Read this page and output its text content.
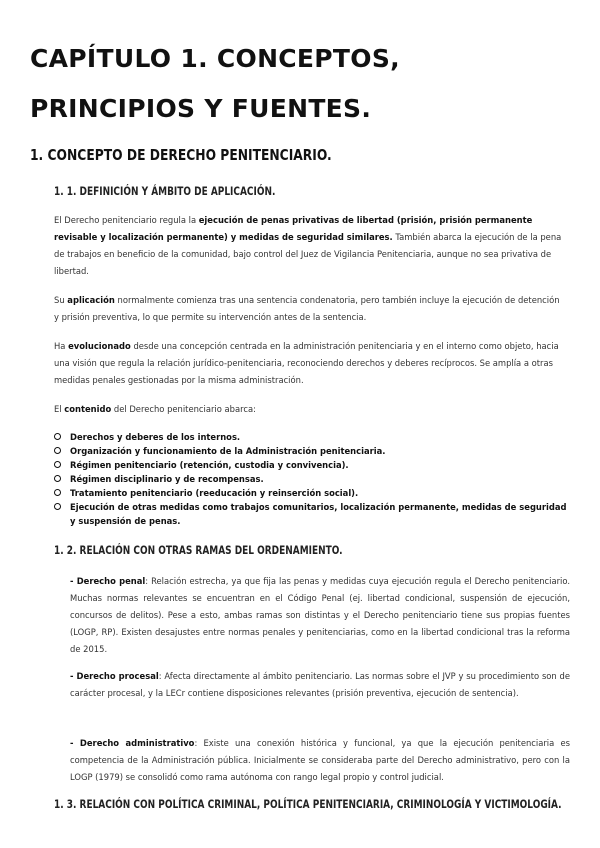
CAPÍTULO 1. CONCEPTOS, PRINCIPIOS Y FUENTES.
1. CONCEPTO DE DERECHO PENITENCIARIO.
1. 1. DEFINICIÓN Y ÁMBITO DE APLICACIÓN.

El Derecho penitenciario regula la ejecución de penas privativas de libertad (prisión, prisión permanente revisable y localización permanente) y medidas de seguridad similares. También abarca la ejecución de la pena de trabajos en beneficio de la comunidad, bajo control del Juez de Vigilancia Penitenciaria, aunque no sea privativa de libertad.

Su aplicación normalmente comienza tras una sentencia condenatoria, pero también incluye la ejecución de detención y prisión preventiva, lo que permite su intervención antes de la sentencia.

Ha evolucionado desde una concepción centrada en la administración penitenciaria y en el interno como objeto, hacia una visión que regula la relación jurídico-penitenciaria, reconociendo derechos y deberes recíprocos. Se amplía a otras medidas penales gestionadas por la misma administración.

El contenido del Derecho penitenciario abarca:

Derechos y deberes de los internos.
Organización y funcionamiento de la Administración penitenciaria.
Régimen penitenciario (retención, custodia y convivencia).
Régimen disciplinario y de recompensas.
Tratamiento penitenciario (reeducación y reinserción social).
Ejecución de otras medidas como trabajos comunitarios, localización permanente, medidas de seguridad y suspensión de penas.
1. 2. RELACIÓN CON OTRAS RAMAS DEL ORDENAMIENTO.

- Derecho penal: Relación estrecha, ya que fija las penas y medidas cuya ejecución regula el Derecho penitenciario. Muchas normas relevantes se encuentran en el Código Penal (ej. libertad condicional, suspensión de ejecución, concursos de delitos). Pese a esto, ambas ramas son distintas y el Derecho penitenciario tiene sus propias fuentes (LOGP, RP). Existen desajustes entre normas penales y penitenciarias, como en la libertad condicional tras la reforma de 2015.

- Derecho procesal: Afecta directamente al ámbito penitenciario. Las normas sobre el JVP y su procedimiento son de carácter procesal, y la LECr contiene disposiciones relevantes (prisión preventiva, ejecución de sentencia).

- Derecho administrativo: Existe una conexión histórica y funcional, ya que la ejecución penitenciaria es competencia de la Administración pública. Inicialmente se consideraba parte del Derecho administrativo, pero con la LOGP (1979) se consolidó como rama autónoma con rango legal propio y control judicial.

1. 3. RELACIÓN CON POLÍTICA CRIMINAL, POLÍTICA PENITENCIARIA, CRIMINOLOGÍA Y VICTIMOLOGÍA.
